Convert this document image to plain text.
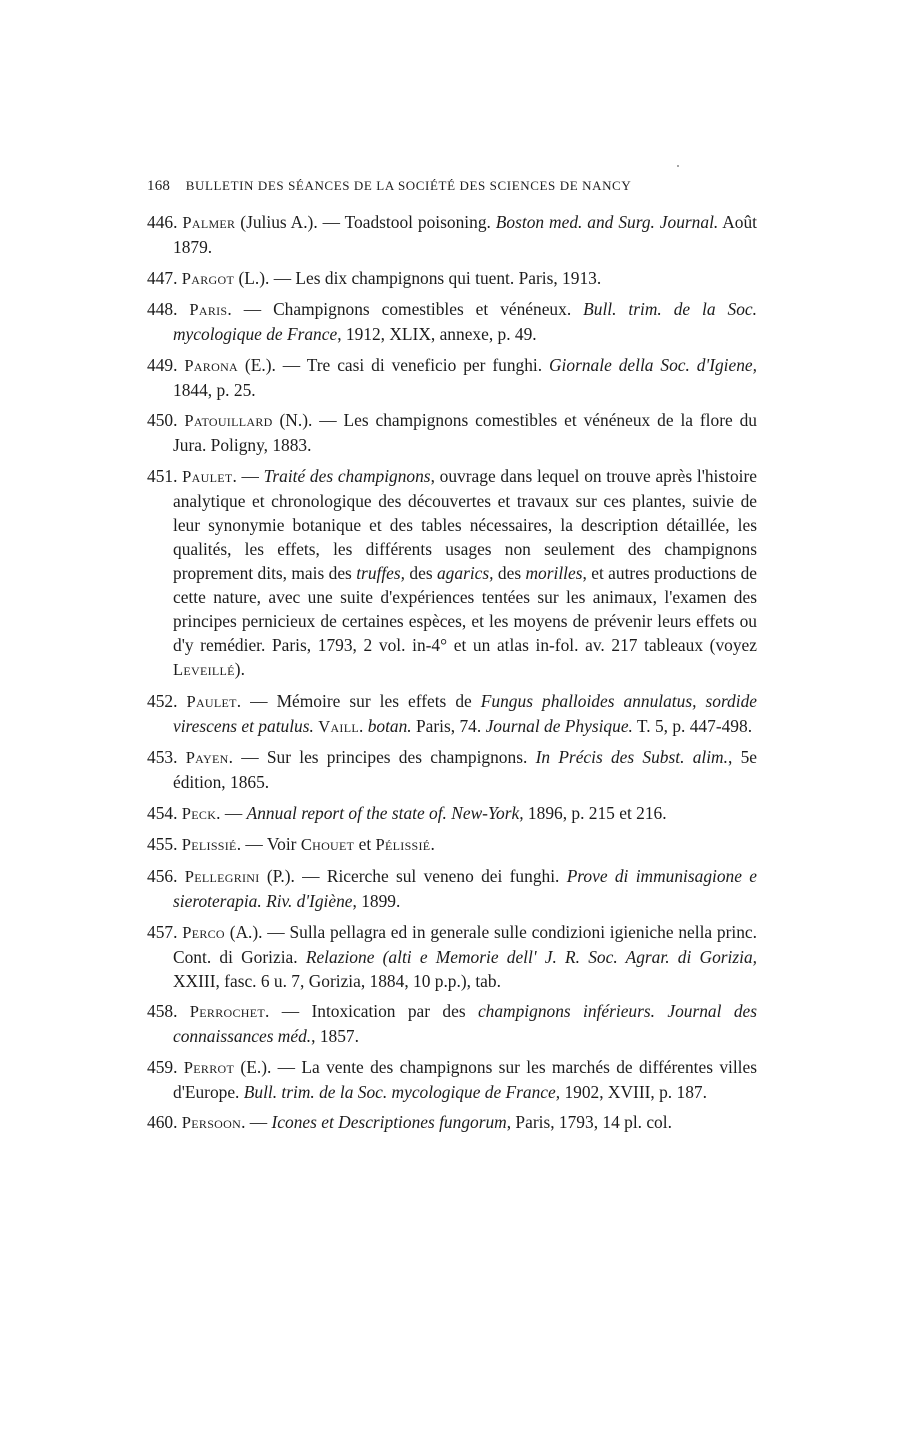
168 BULLETIN DES SÉANCES DE LA SOCIÉTÉ DES SCIENCES DE NANCY
446. Palmer (Julius A.). — Toadstool poisoning. Boston med. and Surg. Journal. Août 1879.
447. Pargot (L.). — Les dix champignons qui tuent. Paris, 1913.
448. Paris. — Champignons comestibles et vénéneux. Bull. trim. de la Soc. mycologique de France, 1912, XLIX, annexe, p. 49.
449. Parona (E.). — Tre casi di veneficio per funghi. Giornale della Soc. d'Igiene, 1844, p. 25.
450. Patouillard (N.). — Les champignons comestibles et vénéneux de la flore du Jura. Poligny, 1883.
451. Paulet. — Traité des champignons, ouvrage dans lequel on trouve après l'histoire analytique et chronologique des découvertes et travaux sur ces plantes, suivie de leur synonymie botanique et des tables nécessaires, la description détaillée, les qualités, les effets, les différents usages non seulement des champignons proprement dits, mais des truffes, des agarics, des morilles, et autres productions de cette nature, avec une suite d'expériences tentées sur les animaux, l'examen des principes pernicieux de certaines espèces, et les moyens de prévenir leurs effets ou d'y remédier. Paris, 1793, 2 vol. in-4° et un atlas in-fol. av. 217 tableaux (voyez Leveillé).
452. Paulet. — Mémoire sur les effets de Fungus phalloides annulatus, sordide virescens et patulus. Vaill. botan. Paris, 74. Journal de Physique. T. 5, p. 447-498.
453. Payen. — Sur les principes des champignons. In Précis des Subst. alim., 5e édition, 1865.
454. Peck. — Annual report of the state of. New-York, 1896, p. 215 et 216.
455. Pelissié. — Voir Chouet et Pélissié.
456. Pellegrini (P.). — Ricerche sul veneno dei funghi. Prove di immunisagione e sieroterapia. Riv. d'Igiène, 1899.
457. Perco (A.). — Sulla pellagra ed in generale sulle condizioni igieniche nella princ. Cont. di Gorizia. Relazione (alti e Memorie dell' J. R. Soc. Agrar. di Gorizia, XXIII, fasc. 6 u. 7, Gorizia, 1884, 10 p.p.), tab.
458. Perrochet. — Intoxication par des champignons inférieurs. Journal des connaissances méd., 1857.
459. Perrot (E.). — La vente des champignons sur les marchés de différentes villes d'Europe. Bull. trim. de la Soc. mycologique de France, 1902, XVIII, p. 187.
460. Persoon. — Icones et Descriptiones fungorum, Paris, 1793, 14 pl. col.
